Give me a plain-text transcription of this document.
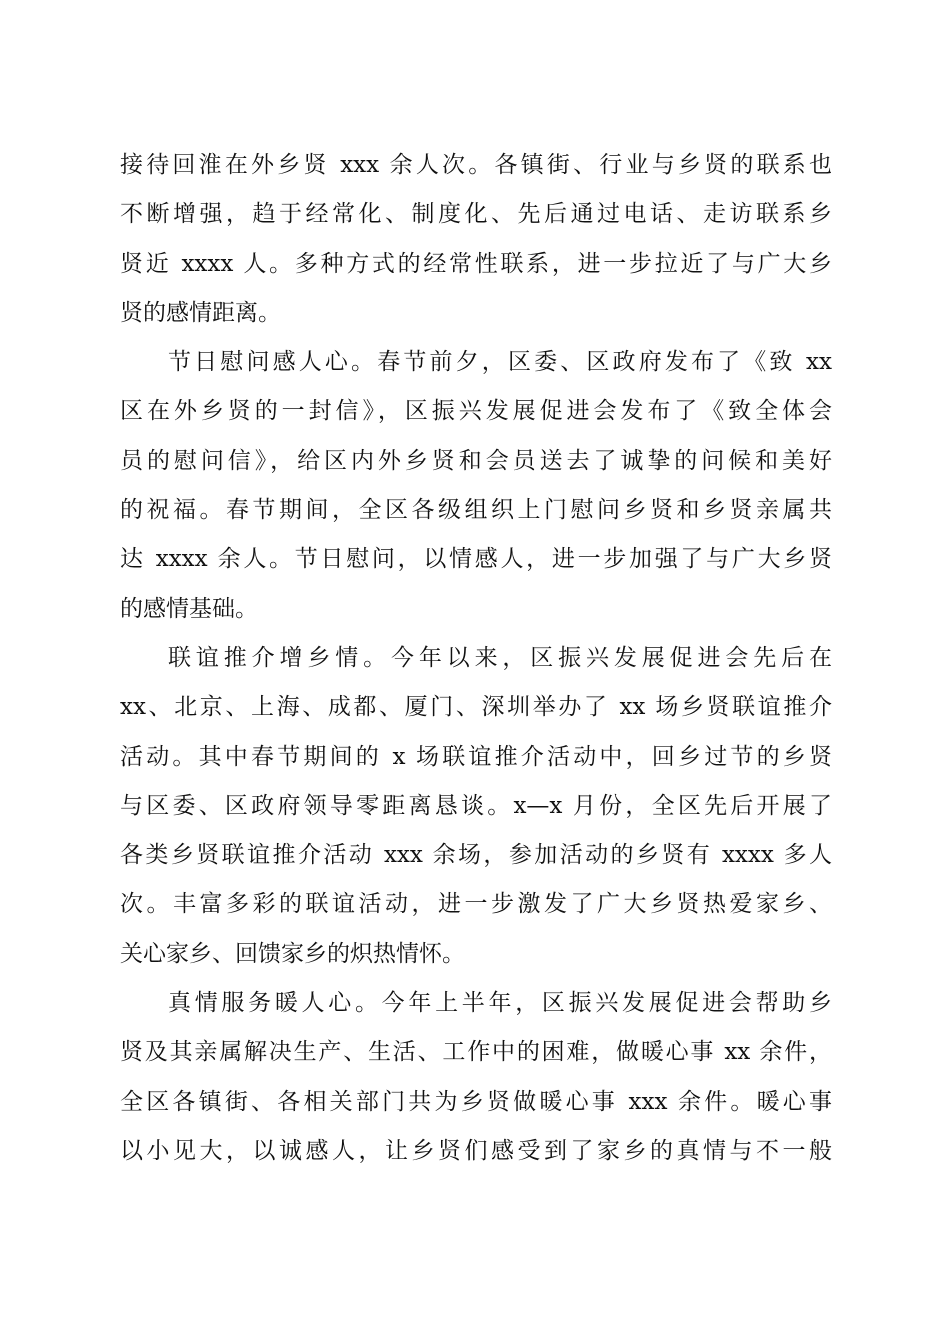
接待回淮在外乡贤 xxx 余人次。各镇街、行业与乡贤的联系也
不断增强，趋于经常化、制度化、先后通过电话、走访联系乡
贤近 xxxx 人。多种方式的经常性联系，进一步拉近了与广大乡
贤的感情距离。
节日慰问感人心。春节前夕，区委、区政府发布了《致 xx
区在外乡贤的一封信》，区振兴发展促进会发布了《致全体会
员的慰问信》，给区内外乡贤和会员送去了诚挚的问候和美好
的祝福。春节期间，全区各级组织上门慰问乡贤和乡贤亲属共
达 xxxx 余人。节日慰问，以情感人，进一步加强了与广大乡贤
的感情基础。
联谊推介增乡情。今年以来，区振兴发展促进会先后在
xx、北京、上海、成都、厦门、深圳举办了 xx 场乡贤联谊推介
活动。其中春节期间的 x 场联谊推介活动中，回乡过节的乡贤
与区委、区政府领导零距离恳谈。x—x 月份，全区先后开展了
各类乡贤联谊推介活动 xxx 余场，参加活动的乡贤有 xxxx 多人
次。丰富多彩的联谊活动，进一步激发了广大乡贤热爱家乡、
关心家乡、回馈家乡的炽热情怀。
真情服务暖人心。今年上半年，区振兴发展促进会帮助乡
贤及其亲属解决生产、生活、工作中的困难，做暖心事 xx 余件，
全区各镇街、各相关部门共为乡贤做暖心事 xxx 余件。暖心事
以小见大，以诚感人，让乡贤们感受到了家乡的真情与不一般
